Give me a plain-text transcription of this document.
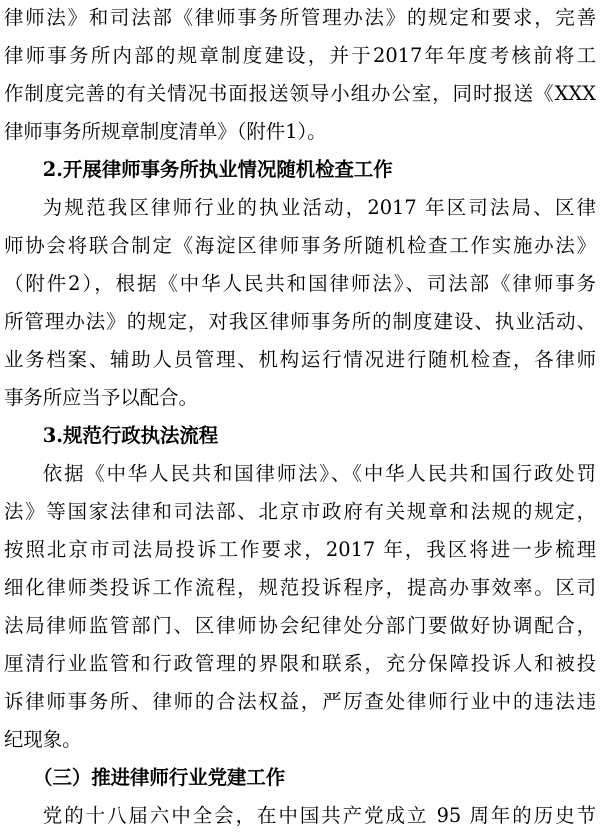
律师法》和司法部《律师事务所管理办法》的规定和要求，完善
律师事务所内部的规章制度建设，并于2017年年度考核前将工
作制度完善的有关情况书面报送领导小组办公室，同时报送《XXX
律师事务所规章制度清单》（附件1）。
2.开展律师事务所执业情况随机检查工作
为规范我区律师行业的执业活动，2017 年区司法局、区律
师协会将联合制定《海淀区律师事务所随机检查工作实施办法》
（附件2），根据《中华人民共和国律师法》、司法部《律师事务
所管理办法》的规定，对我区律师事务所的制度建设、执业活动、
业务档案、辅助人员管理、机构运行情况进行随机检查，各律师
事务所应当予以配合。
3.规范行政执法流程
依据《中华人民共和国律师法》、《中华人民共和国行政处罚
法》等国家法律和司法部、北京市政府有关规章和法规的规定，
按照北京市司法局投诉工作要求，2017 年，我区将进一步梳理
细化律师类投诉工作流程，规范投诉程序，提高办事效率。区司
法局律师监管部门、区律师协会纪律处分部门要做好协调配合，
厘清行业监管和行政管理的界限和联系，充分保障投诉人和被投
诉律师事务所、律师的合法权益，严厉查处律师行业中的违法违
纪现象。
（三）推进律师行业党建工作
党的十八届六中全会，在中国共产党成立 95 周年的历史节
